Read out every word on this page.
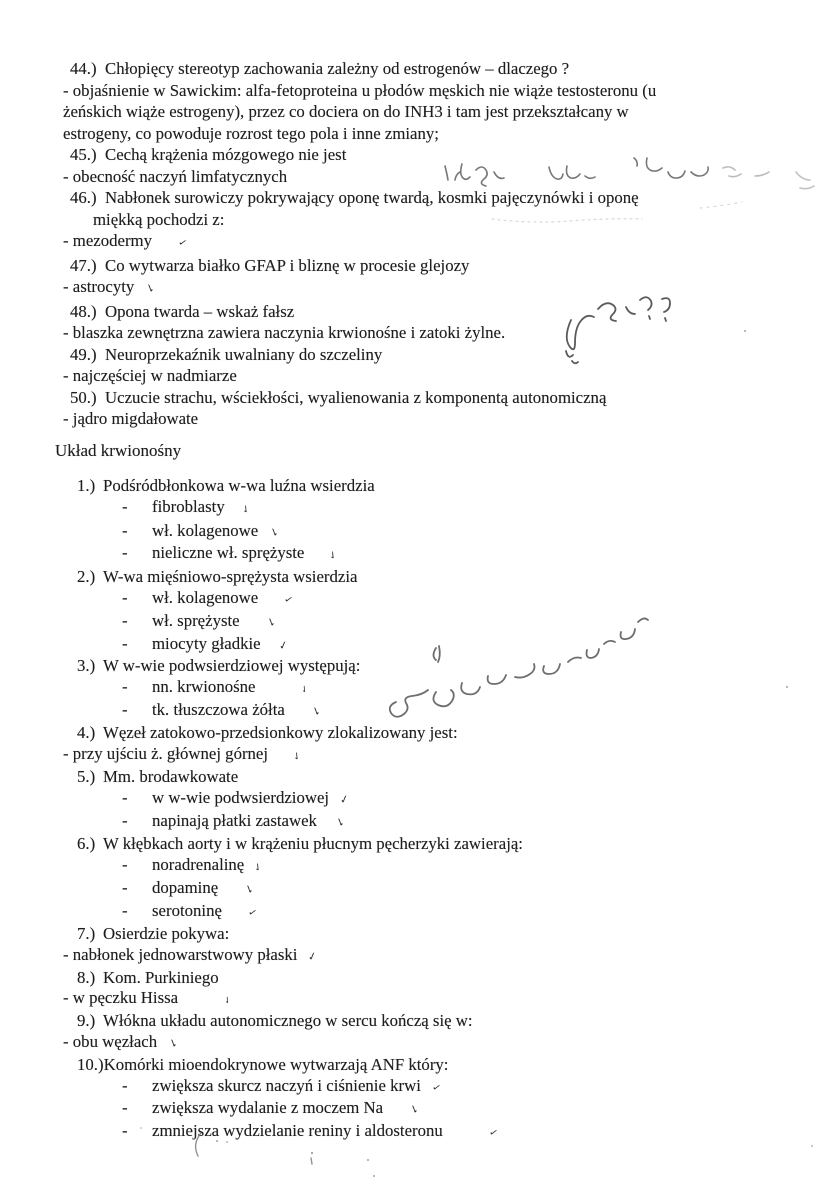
44.) Chłopięcy stereotyp zachowania zależny od estrogenów – dlaczego ?
- objaśnienie w Sawickim: alfa-fetoproteina u płodów męskich nie wiąże testosteronu (u
żeńskich wiąże estrogeny), przez co dociera on do INH3 i tam jest przekształcany w
estrogeny, co powoduje rozrost tego pola i inne zmiany;
45.) Cechą krążenia mózgowego nie jest
- obecność naczyń limfatycznych
46.) Nabłonek surowiczy pokrywający oponę twardą, kosmki pajęczynówki i oponę
miękką pochodzi z:
- mezodermy ✓
47.) Co wytwarza białko GFAP i bliznę w procesie glejozy
- astrocyty ✓
48.) Opona twarda – wskaż fałsz
- blaszka zewnętrzna zawiera naczynia krwionośne i zatoki żylne.
49.) Neuroprzekaźnik uwalniany do szczeliny
- najczęściej w nadmiarze
50.) Uczucie strachu, wściekłości, wyalienowania z komponentą autonomiczną
- jądro migdałowate
Układ krwionośny
1.) Podśródbłonkowa w-wa luźna wsierdzia
- fibroblasty ✓
- wł. kolagenowe ✓
- nieliczne wł. sprężyste ✓
2.) W-wa mięśniowo-sprężysta wsierdzia
- wł. kolagenowe ✓
- wł. sprężyste ✓
- miocyty gładkie ✓
3.) W w-wie podwsierdziowej występują:
- nn. krwionośne	✓
- tk. tłuszczowa żółta ✓
4.) Węzeł zatokowo-przedsionkowy zlokalizowany jest:
- przy ujściu ż. głównej górnej ✓
5.) Mm. brodawkowate
- w w-wie podwsierdziowej ✓
- napinają płatki zastawek ✓
6.) W kłębkach aorty i w krążeniu płucnym pęcherzyki zawierają:
- noradrenalinę ✓
- dopaminę ✓
- serotoninę ✓
7.) Osierdzie pokywa:
- nabłonek jednowarstwowy płaski ✓
8.) Kom. Purkiniego
- w pęczku Hissa	✓
9.) Włókna układu autonomicznego w sercu kończą się w:
- obu węzłach ✓
10.)Komórki mioendokrynowe wytwarzają ANF który:
- zwiększa skurcz naczyń i ciśnienie krwi ✓
- zwiększa wydalanie z moczem Na ✓
- zmniejsza wydzielanie reniny i aldosteronu	✓
